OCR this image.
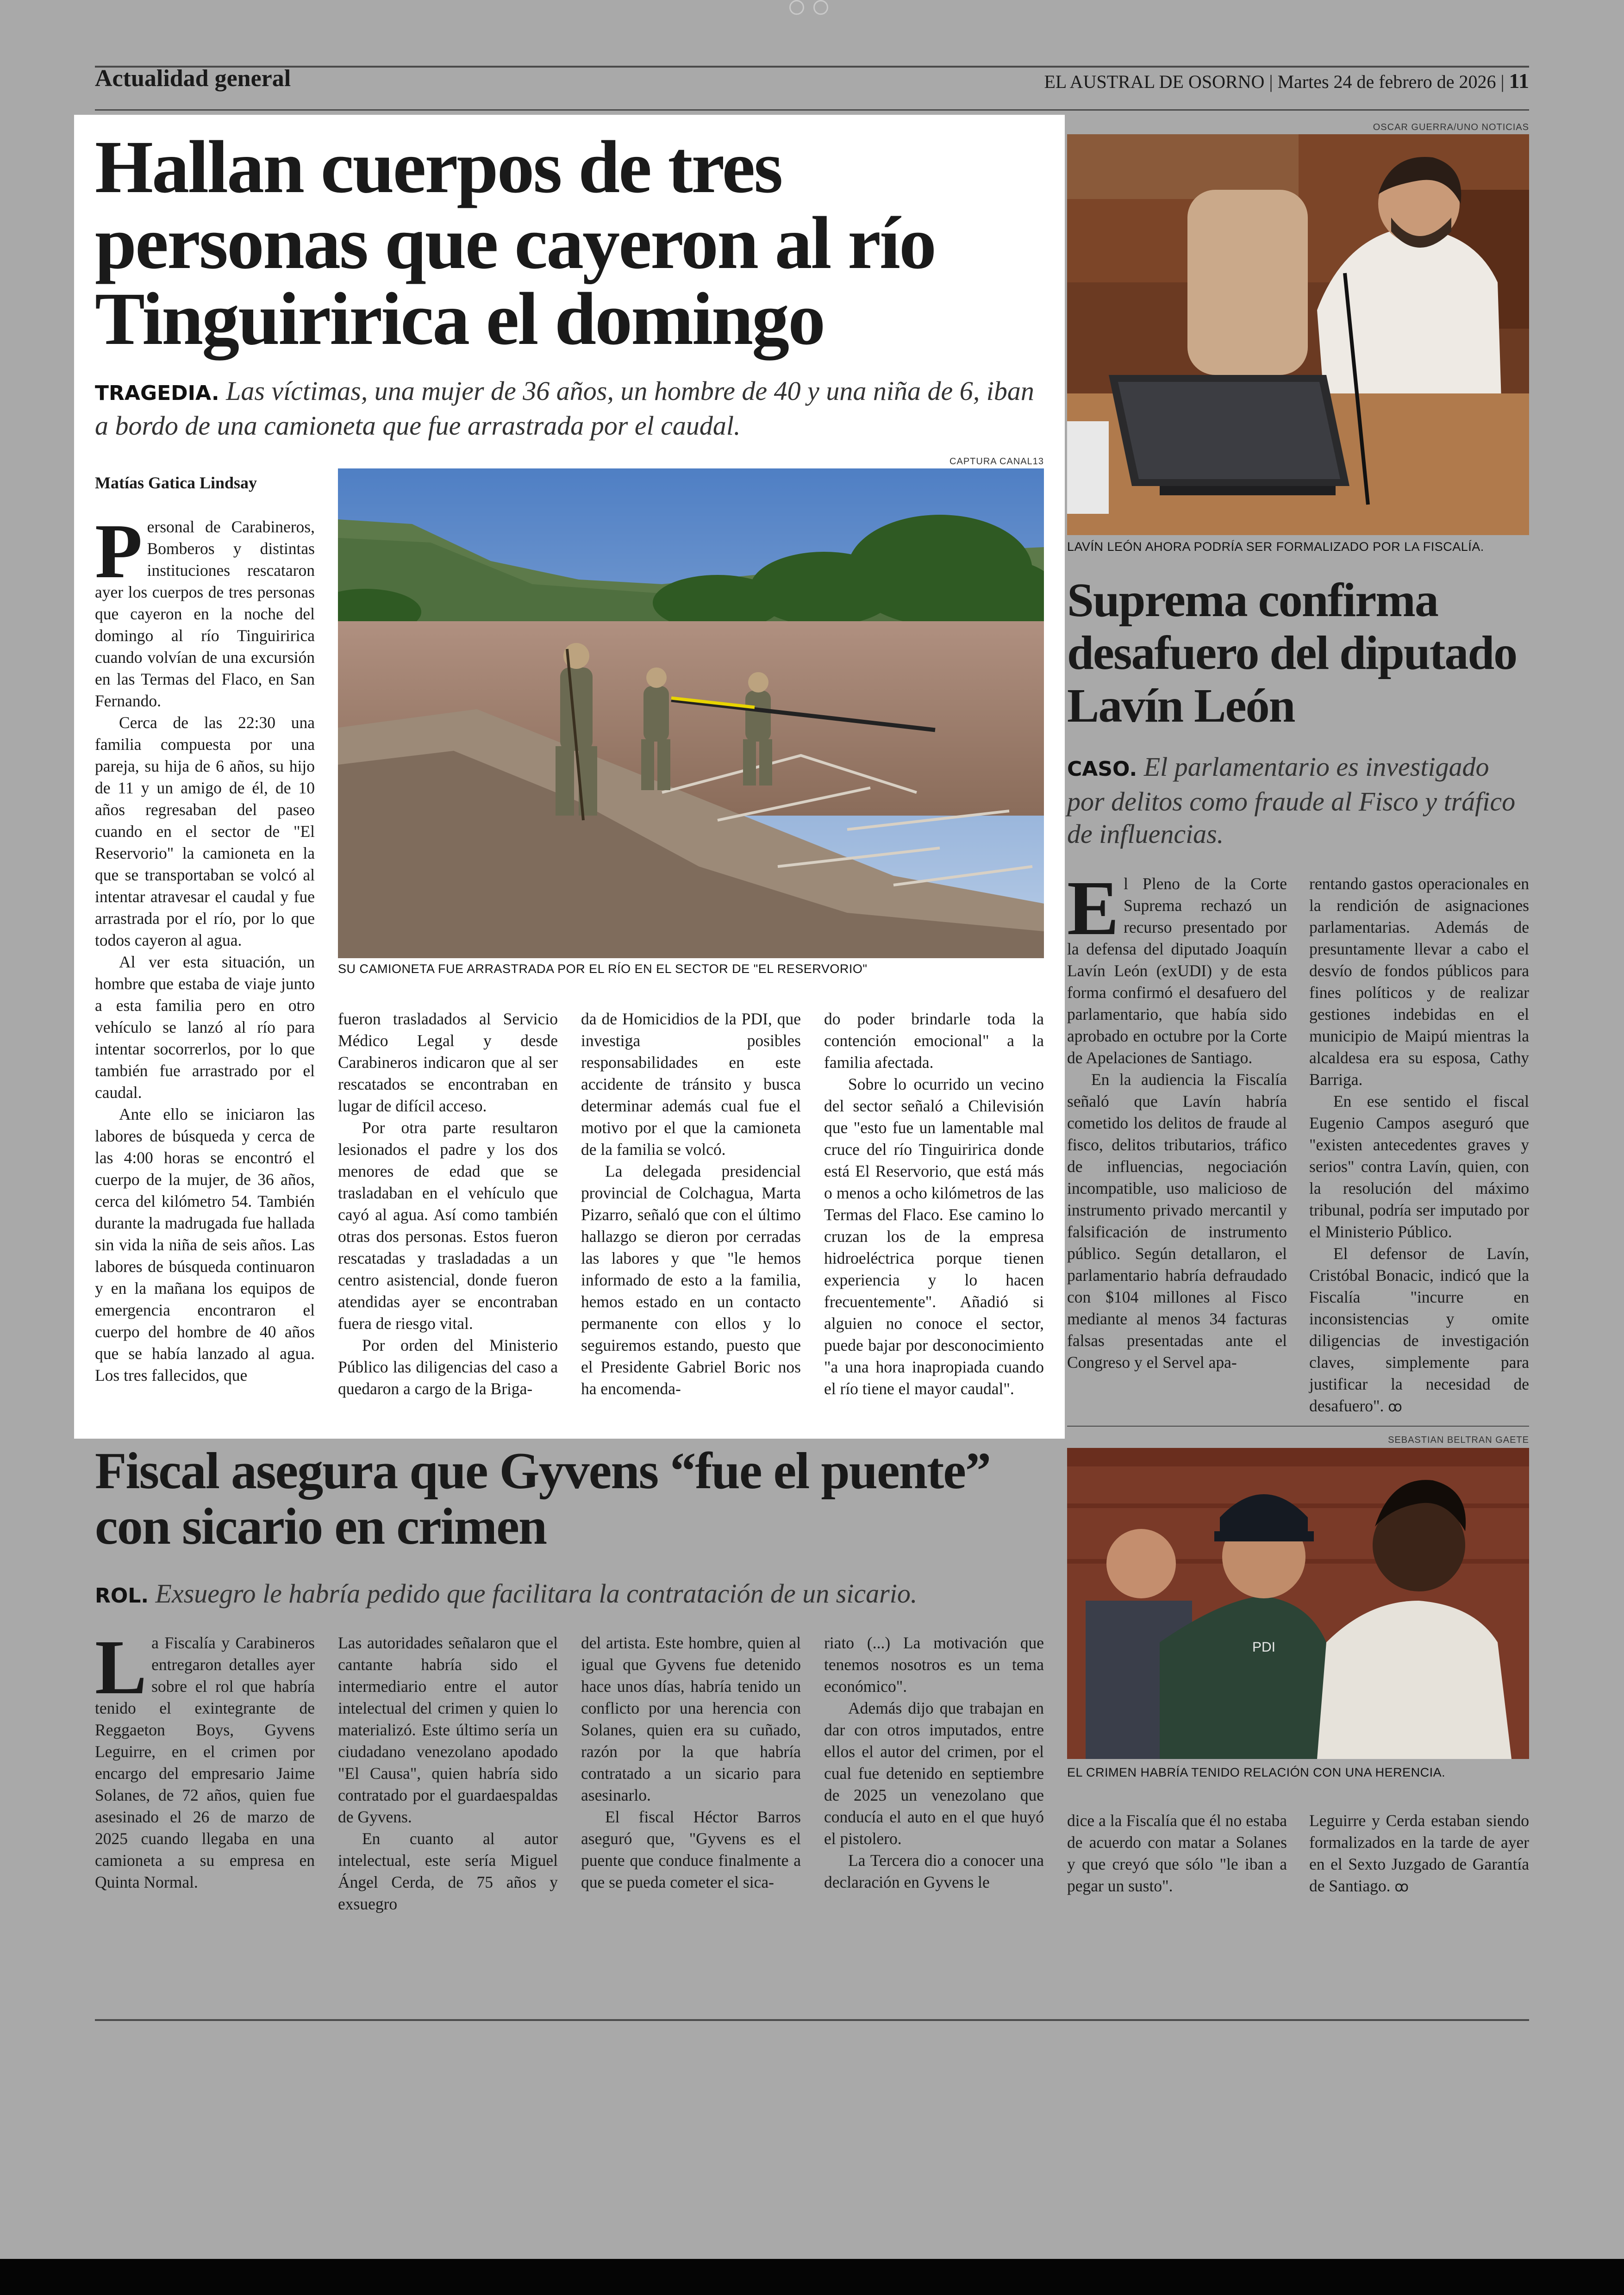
Actualidad general	EL AUSTRAL DE OSORNO | Martes 24 de febrero de 2026 | 11
Hallan cuerpos de tres personas que cayeron al río Tinguiririca el domingo
TRAGEDIA. Las víctimas, una mujer de 36 años, un hombre de 40 y una niña de 6, iban a bordo de una camioneta que fue arrastrada por el caudal.
CAPTURA CANAL13
Matías Gatica Lindsay
SU CAMIONETA FUE ARRASTRADA POR EL RÍO EN EL SECTOR DE "EL RESERVORIO"

Personal de Carabineros, Bomberos y distintas instituciones rescataron ayer los cuerpos de tres personas que cayeron en la noche del domingo al río Tinguiririca cuando volvían de una excursión en las Termas del Flaco, en San Fernando.

Cerca de las 22:30 una familia compuesta por una pareja, su hija de 6 años, su hijo de 11 y un amigo de él, de 10 años regresaban del paseo cuando en el sector de "El Reservorio" la camioneta en la que se transportaban se volcó al intentar atravesar el caudal y fue arrastrada por el río, por lo que todos cayeron al agua.

Al ver esta situación, un hombre que estaba de viaje junto a esta familia pero en otro vehículo se lanzó al río para intentar socorrerlos, por lo que también fue arrastrado por el caudal.

Ante ello se iniciaron las labores de búsqueda y cerca de las 4:00 horas se encontró el cuerpo de la mujer, de 36 años, cerca del kilómetro 54. También durante la madrugada fue hallada sin vida la niña de seis años. Las labores de búsqueda continuaron y en la mañana los equipos de emergencia encontraron el cuerpo del hombre de 40 años que se había lanzado al agua. Los tres fallecidos, que

fueron trasladados al Servicio Médico Legal y desde Carabineros indicaron que al ser rescatados se encontraban en lugar de difícil acceso.

Por otra parte resultaron lesionados el padre y los dos menores de edad que se trasladaban en el vehículo que cayó al agua. Así como también otras dos personas. Estos fueron rescatadas y trasladadas a un centro asistencial, donde fueron atendidas ayer se encontraban fuera de riesgo vital.

Por orden del Ministerio Público las diligencias del caso a quedaron a cargo de la Briga-

da de Homicidios de la PDI, que investiga posibles responsabilidades en este accidente de tránsito y busca determinar además cual fue el motivo por el que la camioneta de la familia se volcó.

La delegada presidencial provincial de Colchagua, Marta Pizarro, señaló que con el último hallazgo se dieron por cerradas las labores y que "le hemos informado de esto a la familia, hemos estado en un contacto permanente con ellos y lo seguiremos estando, puesto que el Presidente Gabriel Boric nos ha encomenda-

do poder brindarle toda la contención emocional" a la familia afectada.

Sobre lo ocurrido un vecino del sector señaló a Chilevisión que "esto fue un lamentable mal cruce del río Tinguiririca donde está El Reservorio, que está más o menos a ocho kilómetros de las Termas del Flaco. Ese camino lo cruzan los de la empresa hidroeléctrica porque tienen experiencia y lo hacen frecuentemente". Añadió si alguien no conoce el sector, puede bajar por desconocimiento "a una hora inapropiada cuando el río tiene el mayor caudal".

OSCAR GUERRA/UNO NOTICIAS
LAVÍN LEÓN AHORA PODRÍA SER FORMALIZADO POR LA FISCALÍA.
Suprema confirma desafuero del diputado Lavín León
CASO. El parlamentario es investigado por delitos como fraude al Fisco y tráfico de influencias.

El Pleno de la Corte Suprema rechazó un recurso presentado por la defensa del diputado Joaquín Lavín León (exUDI) y de esta forma confirmó el desafuero del parlamentario, que había sido aprobado en octubre por la Corte de Apelaciones de Santiago.

En la audiencia la Fiscalía señaló que Lavín habría cometido los delitos de fraude al fisco, delitos tributarios, tráfico de influencias, negociación incompatible, uso malicioso de instrumento privado mercantil y falsificación de instrumento público. Según detallaron, el parlamentario habría defraudado con $104 millones al Fisco mediante al menos 34 facturas falsas presentadas ante el Congreso y el Servel apa-

rentando gastos operacionales en la rendición de asignaciones parlamentarias. Además de presuntamente llevar a cabo el desvío de fondos públicos para fines políticos y de realizar gestiones indebidas en el municipio de Maipú mientras la alcaldesa era su esposa, Cathy Barriga.

En ese sentido el fiscal Eugenio Campos aseguró que "existen antecedentes graves y serios" contra Lavín, quien, con la resolución del máximo tribunal, podría ser imputado por el Ministerio Público.

El defensor de Lavín, Cristóbal Bonacic, indicó que la Fiscalía "incurre en inconsistencias y omite diligencias de investigación claves, simplemente para justificar la necesidad de desafuero". ꝏ

Fiscal asegura que Gyvens “fue el puente” con sicario en crimen
ROL. Exsuegro le habría pedido que facilitara la contratación de un sicario.
SEBASTIAN BELTRAN GAETE
PDI
EL CRIMEN HABRÍA TENIDO RELACIÓN CON UNA HERENCIA.

La Fiscalía y Carabineros entregaron detalles ayer sobre el rol que habría tenido el exintegrante de Reggaeton Boys, Gyvens Leguirre, en el crimen por encargo del empresario Jaime Solanes, de 72 años, quien fue asesinado el 26 de marzo de 2025 cuando llegaba en una camioneta a su empresa en Quinta Normal.

Las autoridades señalaron que el cantante habría sido el intermediario entre el autor intelectual del crimen y quien lo materializó. Este último sería un ciudadano venezolano apodado "El Causa", quien habría sido contratado por el guardaespaldas de Gyvens.

En cuanto al autor intelectual, este sería Miguel Ángel Cerda, de 75 años y exsuegro

del artista. Este hombre, quien al igual que Gyvens fue detenido hace unos días, habría tenido un conflicto por una herencia con Solanes, quien era su cuñado, razón por la que habría contratado a un sicario para asesinarlo.

El fiscal Héctor Barros aseguró que, "Gyvens es el puente que conduce finalmente a que se pueda cometer el sica-

riato (...) La motivación que tenemos nosotros es un tema económico".

Además dijo que trabajan en dar con otros imputados, entre ellos el autor del crimen, por el cual fue detenido en septiembre de 2025 un venezolano que conducía el auto en el que huyó el pistolero.

La Tercera dio a conocer una declaración en Gyvens le

dice a la Fiscalía que él no estaba de acuerdo con matar a Solanes y que creyó que sólo "le iban a pegar un susto".

Leguirre y Cerda estaban siendo formalizados en la tarde de ayer en el Sexto Juzgado de Garantía de Santiago. ꝏ
